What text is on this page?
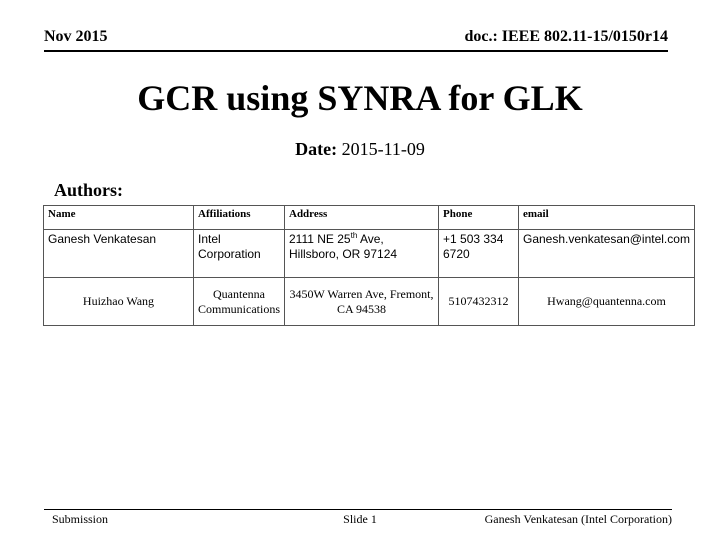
Nov 2015	doc.: IEEE 802.11-15/0150r14
GCR using SYNRA for GLK
Date: 2015-11-09
Authors:
Name	Affiliations	Address	Phone	email
Ganesh Venkatesan	Intel Corporation	2111 NE 25th Ave, Hillsboro, OR 97124	+1 503 334 6720	Ganesh.venkatesan@intel.com
Huizhao Wang	Quantenna Communications	3450W Warren Ave, Fremont, CA 94538	5107432312	Hwang@quantenna.com
Submission	Slide 1	Ganesh Venkatesan (Intel Corporation)
